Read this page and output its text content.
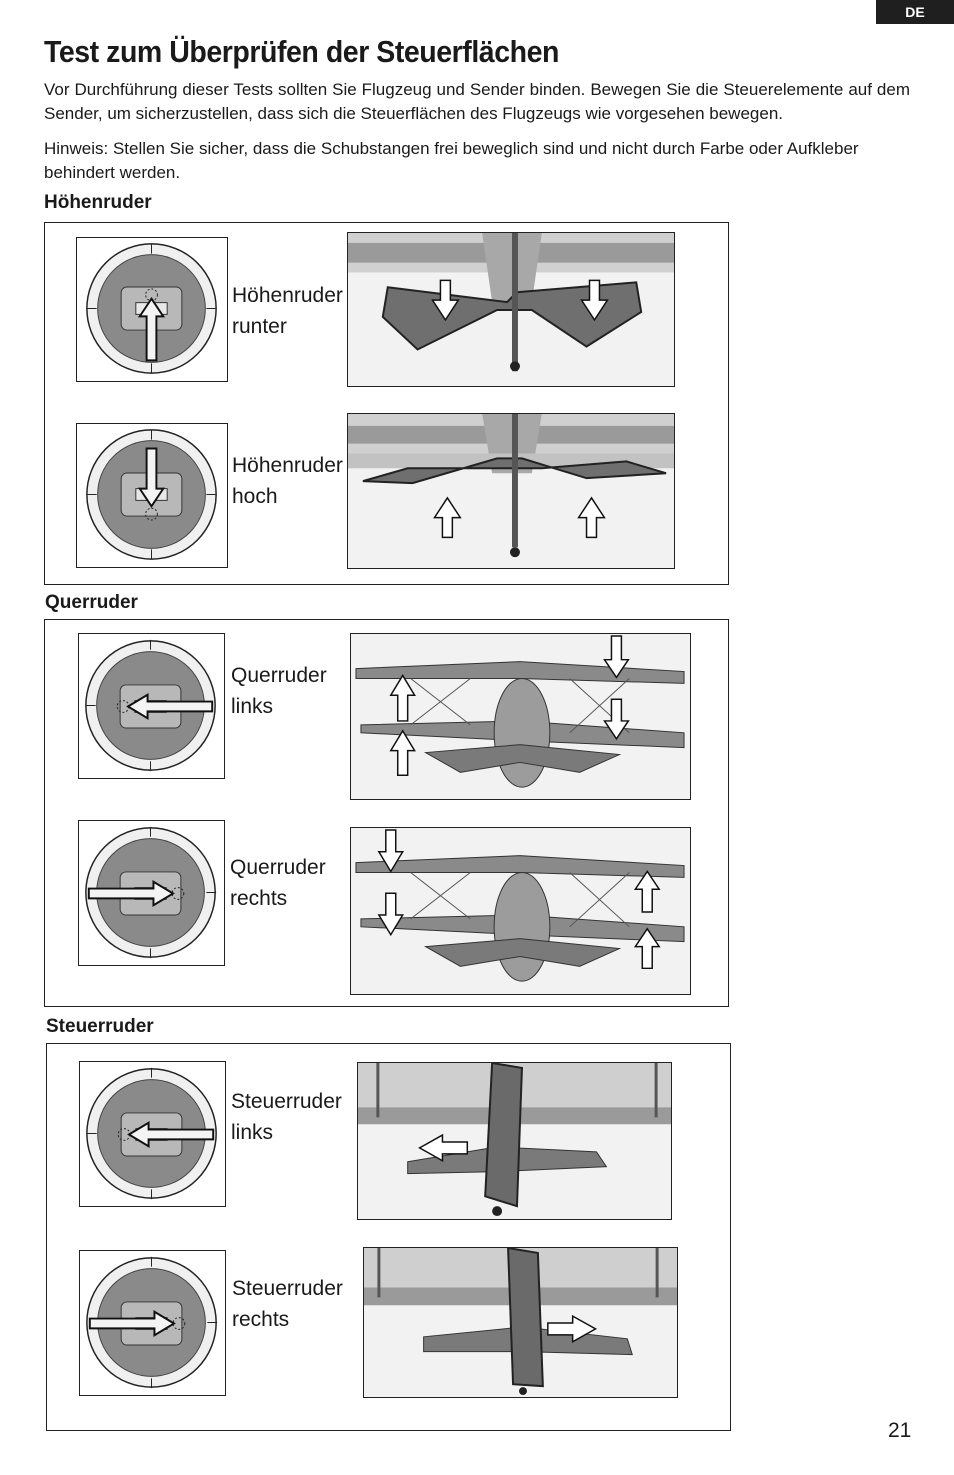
DE
Test zum Überprüfen der Steuerflächen

Vor Durchführung dieser Tests sollten Sie Flugzeug und Sender binden. Bewegen Sie die Steuerelemente auf dem Sender, um sicherzustellen, dass sich die Steuerflächen des Flugzeugs wie vorgesehen bewegen.

Hinweis: Stellen Sie sicher, dass die Schubstangen frei beweglich sind und nicht durch Farbe oder Aufkleber behindert werden.

Höhenruder
Höhenruder
runter
Höhenruder
hoch
Querruder
Querruder
links
Querruder
rechts
Steuerruder
Steuerruder
links
Steuerruder
rechts
21
